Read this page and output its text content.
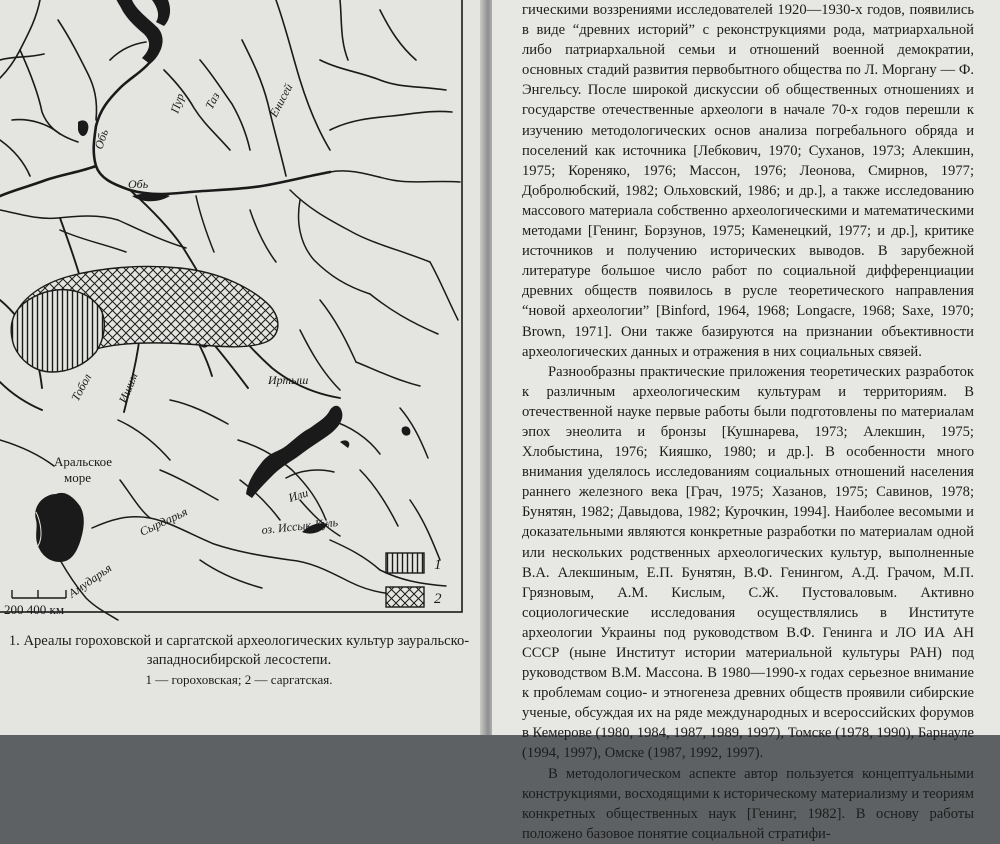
1
2
200 400 км
Пур Таз	Енисей
Обь
Обь
Тобол Ишим	Иртыш
Или
Сырдарья
Амударья
оз. Иссык-Куль
Аральское
море
1. Ареалы гороховской и саргатской археологических культур зауральско-западносибирской лесостепи.
1 — гороховская; 2 — саргатская.

гическими воззрениями исследователей 1920—1930-х годов, появились в виде “древних историй” с реконструкциями рода, матриархальной либо патриархальной семьи и отношений военной демократии, основных стадий развития первобытного общества по Л. Моргану — Ф. Энгельсу. После широкой дискуссии об общественных отношениях и государстве отечественные археологи в начале 70-х годов перешли к изучению методологических основ анализа погребального обряда и поселений как источника [Лебкович, 1970; Суханов, 1973; Алекшин, 1975; Кореняко, 1976; Массон, 1976; Леонова, Смирнов, 1977; Добролюбский, 1982; Ольховский, 1986; и др.], а также исследованию массового материала собственно археологическими и математическими методами [Генинг, Борзунов, 1975; Каменецкий, 1977; и др.], критике источников и получению исторических выводов. В зарубежной литературе большое число работ по социальной дифференциации древних обществ появилось в русле теоретического направления “новой археологии” [Binford, 1964, 1968; Longacre, 1968; Saxe, 1970; Brown, 1971]. Они также базируются на признании объективности археологических данных и отражения в них социальных связей.

Разнообразны практические приложения теоретических разработок к различным археологическим культурам и территориям. В отечественной науке первые работы были подготовлены по материалам эпох энеолита и бронзы [Кушнарева, 1973; Алекшин, 1975; Хлобыстина, 1976; Кияшко, 1980; и др.]. В особенности много внимания уделялось исследованиям социальных отношений населения раннего железного века [Грач, 1975; Хазанов, 1975; Савинов, 1978; Бунятян, 1982; Давыдова, 1982; Курочкин, 1994]. Наиболее весомыми и доказательными являются конкретные разработки по материалам одной или нескольких родственных археологических культур, выполненные В.А. Алекшиным, Е.П. Бунятян, В.Ф. Генингом, А.Д. Грачом, М.П. Грязновым, А.М. Кислым, С.Ж. Пустоваловым. Активно социологические исследования осуществлялись в Институте археологии Украины под руководством В.Ф. Генинга и ЛО ИА АН СССР (ныне Институт истории материальной культуры РАН) под руководством В.М. Массона. В 1980—1990-х годах серьезное внимание к проблемам социо- и этногенеза древних обществ проявили сибирские ученые, обсуждая их на ряде международных и всероссийских форумов в Кемерове (1980, 1984, 1987, 1989, 1997), Томске (1978, 1990), Барнауле (1994, 1997), Омске (1987, 1992, 1997).

В методологическом аспекте автор пользуется концептуальными конструкциями, восходящими к историческому материализму и теориям конкретных общественных наук [Генинг, 1982]. В основу работы положено базовое понятие социальной стратифи-
